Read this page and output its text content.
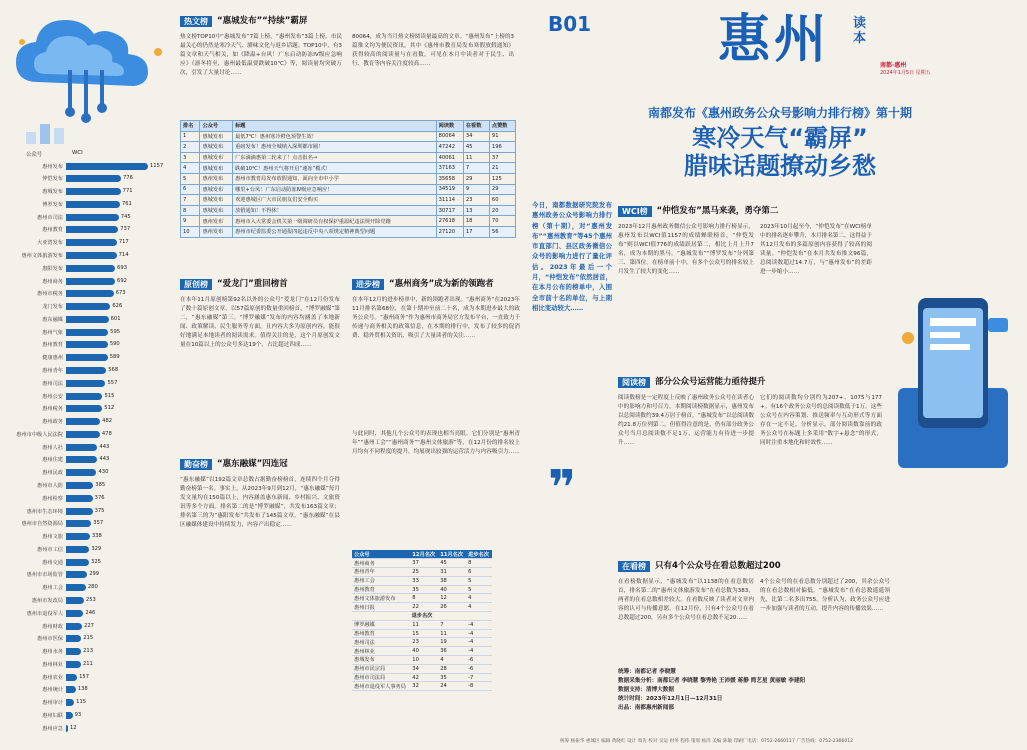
公众号	WCI
惠州发布	1157
仲恺发布	776
惠城发布	771
博罗发布	761
惠州市司法	745
惠州教育	737
大亚湾发布	717
惠州文体旅游发布	714
惠阳发布	693
惠州商务	692
惠州市税务	673
龙门发布	626
惠东融媒	601
惠州气象	595
惠州教育	590
健康惠州	589
惠州青年	568
惠州司法	557
惠州公安	515
惠州税务	512
惠州政务	482
惠州市中级人民法院	478
惠州人社	443
惠州住建	443
惠州民政	430
惠州市人防	385
惠州检察	376
惠州市生态环境	375
惠州市自然资源局	357
惠州文旅	338
惠州市工信	329
惠州交通	325
惠州市市场监管	299
惠州工会	280
惠州市发改局	253
惠州市退役军人	246
惠州财政	227
惠州市医保	215
惠州水务	213
惠州林业	211
惠州农业	157
惠州统计	138
惠州审计	115
惠州妇联	93
惠州应急	12
热文榜	“惠城发布”“持续”霸屏
热文榜TOP10中“惠城发布”7篇上榜，“惠州发布”3篇上榜。市民最关心的仍然是寒冷天气、腊味文化与返乡话题。TOP10中，有3篇文章和天气相关，如《降温+台风！广东启动防冻IV级应急响应》《凛冬将至，惠州最低温要跌破10℃》等，阅读量均突破万次，引发了大量讨论……
80064，成为当月热文榜阅读量最高的文章。“惠州发布”上榜的3篇推文均为便民资讯，其中《惠州市教育局发布寒假放假通知》获得较高的阅读量与在看数，可见在本月中读者对于民生、出行、教育等内容关注度较高……
排名	公众号	标题	阅读数	在看数	点赞数
1	惠城发布	最低7℃！惠州寒冷橙色预警生效！	80064	34	91
2	惠城发布	重磅发布！惠州全城纳入深圳都市圈！	47242	45	196
3	惠城发布	广东滴滴惠第二轮来了！点击报名→	40061	11	37
4	惠城发布	跌破10℃！惠州天气将开启“速冻”模式！	37163	7	21
5	惠州发布	惠州市教育局发布放假通知，面向全市中小学	35658	29	125
6	惠城发布	哪里+台风！广东启动防冻Ⅳ级应急响应！	34519	9	29
7	惠城发布	欢迎惠城区广大市民朋友们安全购买	31114	23	60
8	惠城发布	放假通知！不得休！	30717	13	20
9	惠州发布	惠州市入大常委会机关第一级调研员有权保护重温纪违法规开除党籍	27618	18	70
10	惠州发布	惠州市纪委监委公开通报四起违反中央八项规定精神典型问题	27120	17	56
B01 惠州 读本
南都·惠州
2024年1月5日 星期五
南都发布《惠州政务公众号影响力排行榜》第十期
寒冷天气“霸屏”
腊味话题撩动乡愁
今日，南都数据研究院发布惠州政务公众号影响力排行榜（第十期），对“惠州发布”“惠州教育”等45个惠州市直部门、县区政务微信公众号的影响力进行了量化评估。2023年最后一个月，“仲恺发布”依然居首，在本月公布的榜单中，入围全市前十名的单位，与上期相比变动较大……
❞
原创榜	“爱龙门”重回榜首
在本年11月原创榜第92名以外的公众号“爱龙门”在12月份发布了数十篇原创文章，以57篇原创的数量重回榜首，“博罗融媒”第二，“惠东融媒”第三。“博罗融媒”发布的内容均涵盖了本地新闻、政策解读、民生服务等方面，且内容大多为原创内容，能很好地满足本地读者的阅读需求。值得关注的是，这个月原创发文量在10篇以上的公众号多达19个，占比超过四成……
勤奋榜	“惠东融媒”四连冠
“惠东融媒”以192篇文章总数占据勤奋榜榜首，连续四个月夺得勤奋榜第一名。事实上，从2023年9月到12月，“惠东融媒”每月发文量均在150篇以上，内容涵盖惠东新闻、乡村振兴、文旅资讯等多个方面。排名第二的是“博罗融媒”，共发布163篇文章；排名第三的为“惠阳发布”共发布了145篇文章。“惠东融媒”在县区融媒体建设中持续发力，内容产出稳定……
进步榜	“惠州商务”成为新的领跑者
在本年12月的进步榜单中，新的领跑者出现。“惠州商务”在2023年11月排名第68位，在第十期冲至前二十名，成为本期进步最大的政务公众号。“惠州商务”作为惠州市商务局官方发布平台，一直致力于传递与商务相关的政策信息，在本期的排行中，发布了较多的促消费、稳外贸相关资讯，吸引了大量读者的关注……
与此同时，其他几个公众号的表现也相当亮眼。它们分别是“惠州青年”“惠州工会”“惠州商务”“惠州文体旅游”等，在12月份的排名较上月均有不同程度的提升，均展现出较强的运营活力与内容吸引力……
公众号	12月名次	11月名次	进步名次
惠州商务	37	45	8
惠州青年	25	31	6
惠州工会	33	38	5
惠州教育	35	40	5
惠州文体旅游发布	8	12	4
惠州日报	22	26	4
退步名次			
博罗融媒	11	7	-4
惠州教育	15	11	-4
惠州司法	23	19	-4
惠州林业	40	36	-4
惠城发布	10	4	-6
惠州市民宗局	34	28	-6
惠州市司法局	42	35	-7
惠州市退役军人事务局	32	24	-8
WCI榜	“仲恺发布”黑马来袭，勇夺第二
2023年12月惠州政务微信公众号影响力排行榜显示，惠州发布以WCI值1157的成绩蝉联榜首，“仲恺发布”则以WCI值776的成绩跃居第二，相比上月上升7名，成为本期的黑马。“惠城发布”“博罗发布”分列第三、第四位。在榜单前十中，有多个公众号的排名较上月发生了较大的变化……
2023年10月起至今，“仲恺发布”在WCI榜单中的排名逐步攀升，本月排名第二，这得益于其12月发布的多篇原创内容获得了较高的阅读量。“仲恺发布”在本月共发布推文96篇，总阅读数超过14.7万，与“惠州发布”的差距进一步缩小……
阅读榜	部分公众号运营能力亟待提升
阅读数榜是一定程度上反映了惠州政务公众号在读者心中的影响力和号召力。本期阅读榜数据显示，惠州发布以总阅读数约39.4万居于榜首，“惠城发布”以总阅读数约21.8万位列第二。但值得注意的是，仍有部分政务公众号当月总阅读数不足1万，运营能力有待进一步提升……
它们的阅读数均分别约为207+、1075与177+。有16个政务公众号的总阅读数低于1万。这些公众号在内容策划、推送频率与互动形式等方面存在一定不足。分析显示，部分阅读数靠前的政务公众号在标题上多采用“数字+悬念”的形式，同时注重本地化和时效性……
在看榜	只有4个公众号在看总数超过200
在看榜数据显示，“惠城发布”以1138的在看总数居首，排名第二的“惠州文体旅游发布”在看总数为383，两者的在看总数相差较大。在看数反映了读者对文章内容的认可与传播意愿。在12月份，只有4个公众号在看总数超过200，另有多个公众号在看总数不足20……
4个公众号的在看总数分别超过了200，其余公众号的在看总数相对偏低。“惠城发布”在看总数遥遥领先，比第二名多出755。分析认为，政务公众号应进一步加强与读者的互动，提升内容的传播效果……
统筹：南都记者 李晓慧
数据采集分析：南都记者 李晓慧 黎秀艳 王沛媛 蒋静 简艺星 黄丽敏 李建阳
数据支持：清博大数据
统计时间：2023年12月1日—12月31日
出品：南都惠州新闻部
统筹 杨振华 惠城区 编辑 黄晓红 设计 周先 校对 吴运 财务 程伟 策划 杨洋 美编 陈敏 印刷厂电话：0752-2660117 广告热线：0752-2366012
